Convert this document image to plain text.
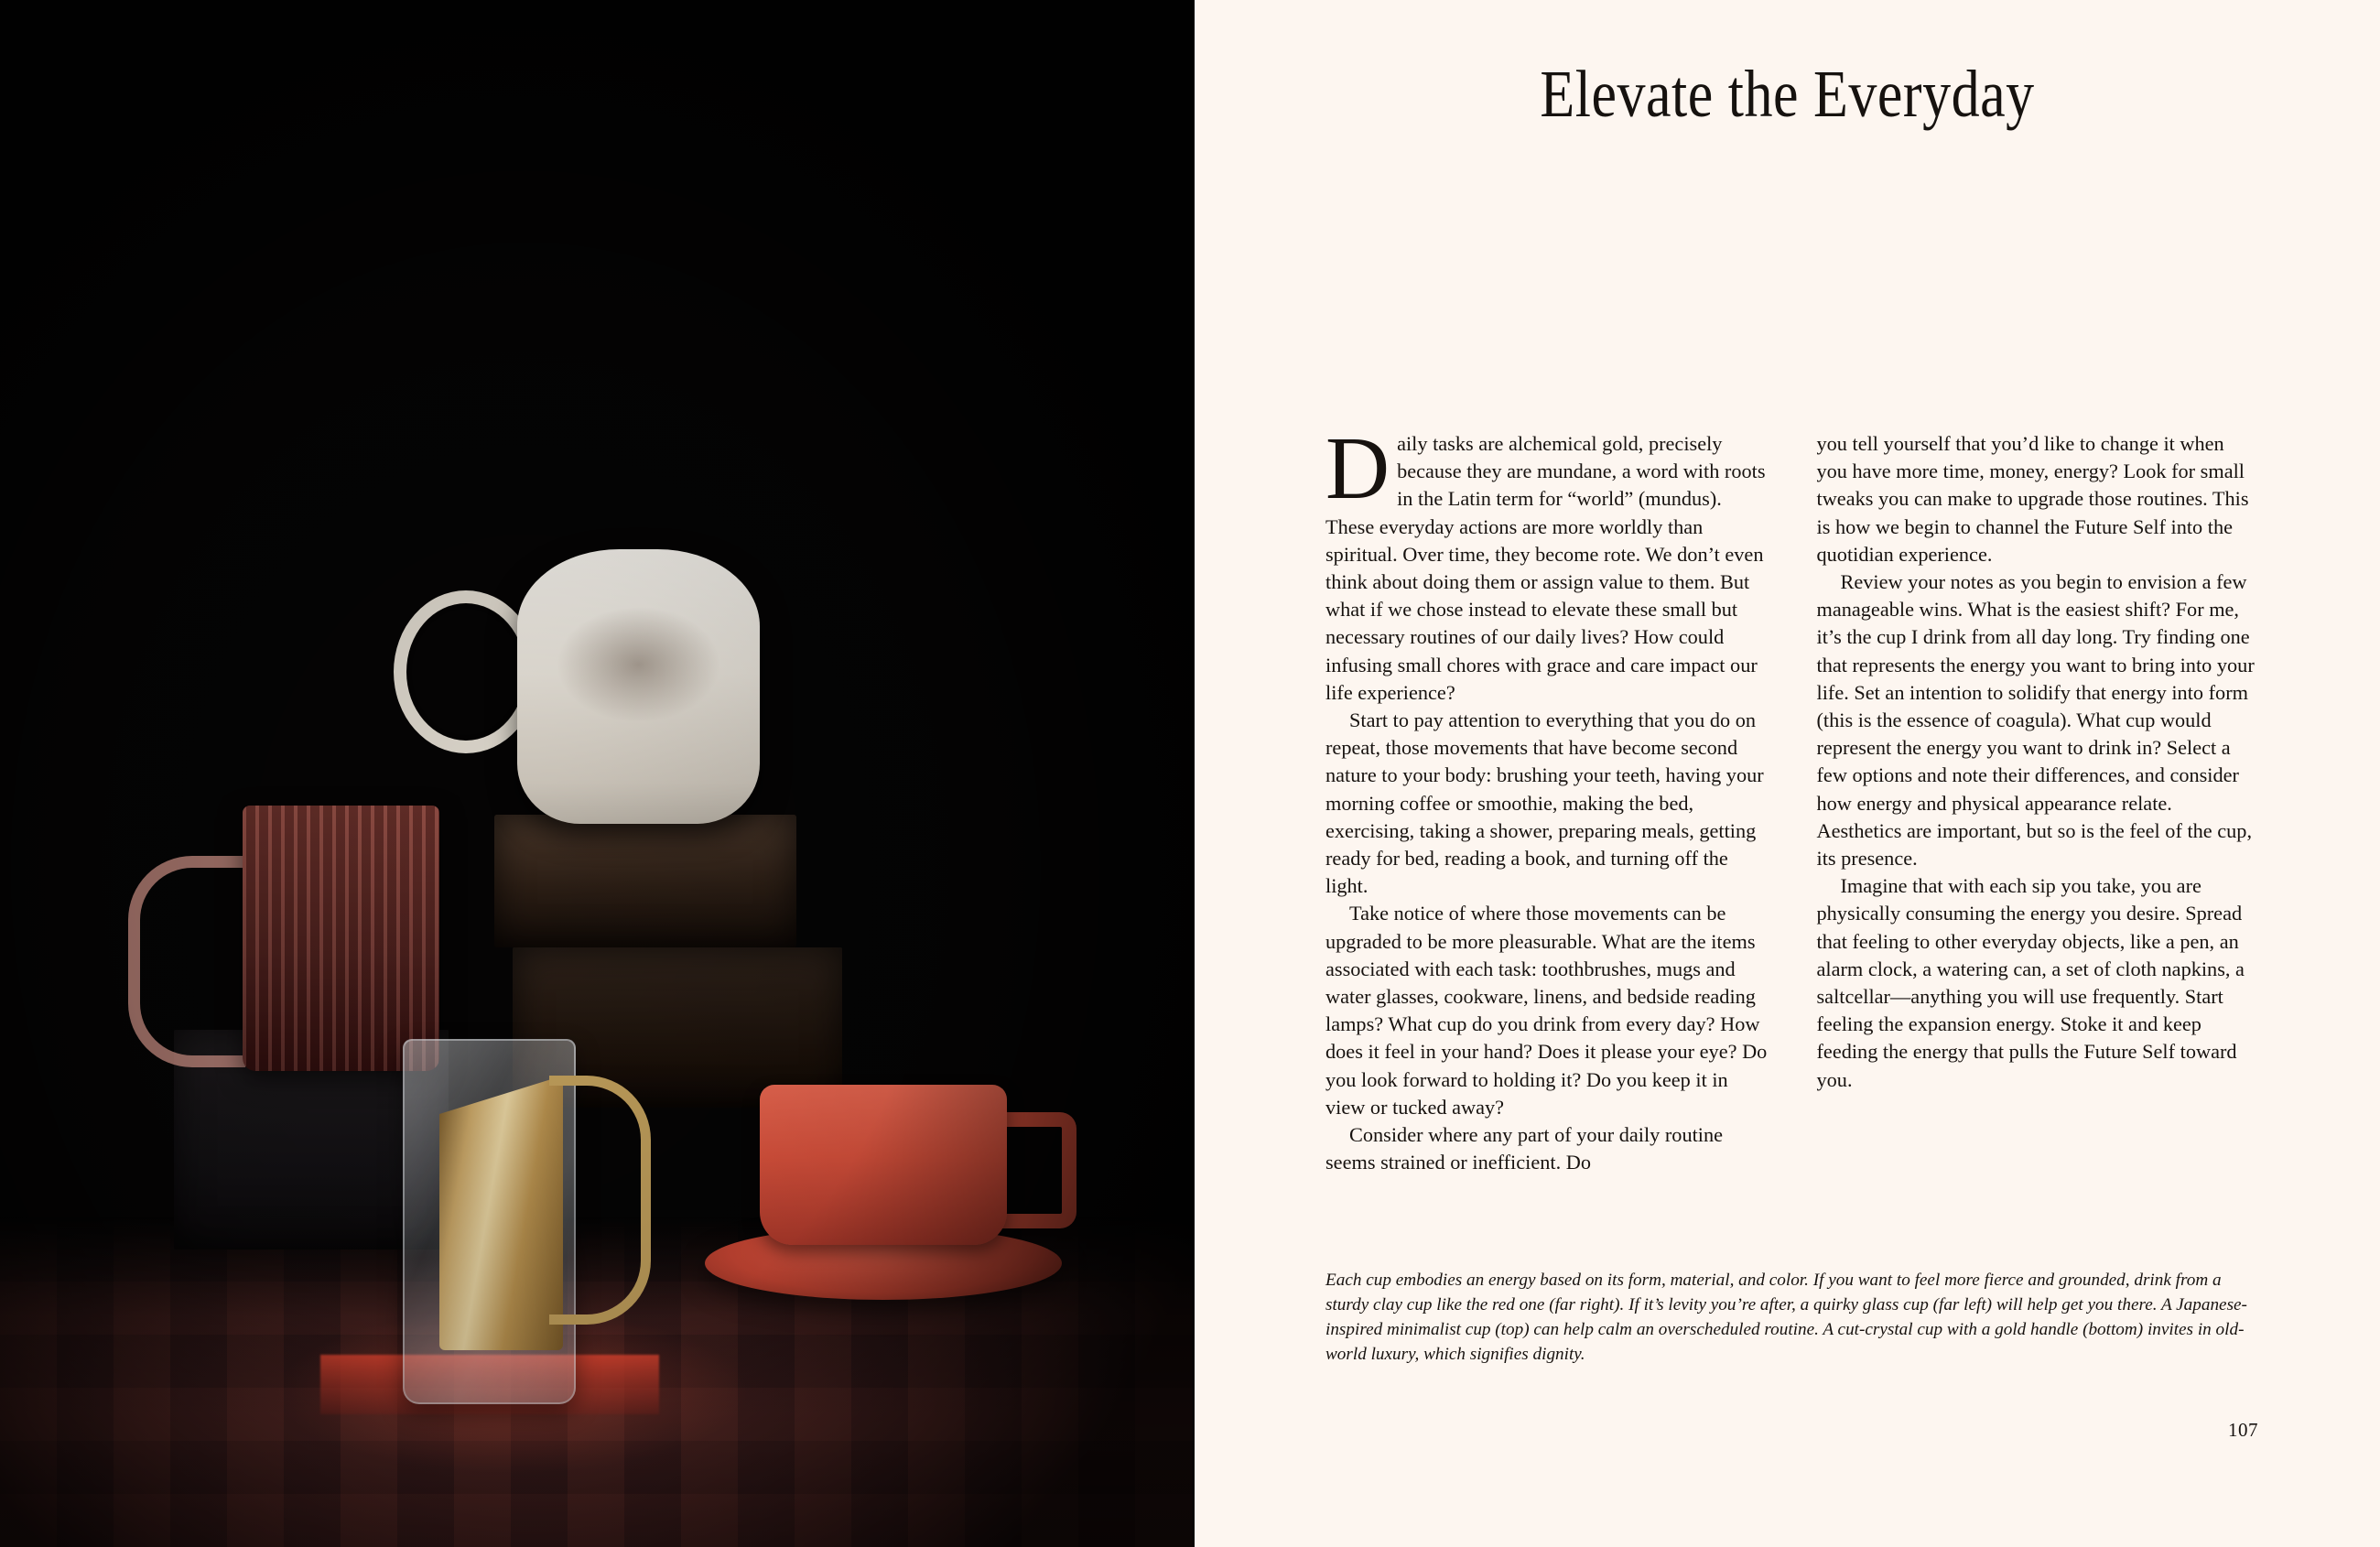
Elevate the Everyday

Daily tasks are alchemical gold, precisely because they are mundane, a word with roots in the Latin term for “world” (mundus). These everyday actions are more worldly than spiritual. Over time, they become rote. We don’t even think about doing them or assign value to them. But what if we chose instead to elevate these small but necessary routines of our daily lives? How could infusing small chores with grace and care impact our life experience?

Start to pay attention to everything that you do on repeat, those movements that have become second nature to your body: brushing your teeth, having your morning coffee or smoothie, making the bed, exercising, taking a shower, preparing meals, getting ready for bed, reading a book, and turning off the light.

Take notice of where those movements can be upgraded to be more pleasurable. What are the items associated with each task: toothbrushes, mugs and water glasses, cookware, linens, and bedside reading lamps? What cup do you drink from every day? How does it feel in your hand? Does it please your eye? Do you look forward to holding it? Do you keep it in view or tucked away?

Consider where any part of your daily routine seems strained or inefficient. Do

you tell yourself that you’d like to change it when you have more time, money, energy? Look for small tweaks you can make to upgrade those routines. This is how we begin to channel the Future Self into the quotidian experience.

Review your notes as you begin to envision a few manageable wins. What is the easiest shift? For me, it’s the cup I drink from all day long. Try finding one that represents the energy you want to bring into your life. Set an intention to solidify that energy into form (this is the essence of coagula). What cup would represent the energy you want to drink in? Select a few options and note their differences, and consider how energy and physical appearance relate. Aesthetics are important, but so is the feel of the cup, its presence.

Imagine that with each sip you take, you are physically consuming the energy you desire. Spread that feeling to other everyday objects, like a pen, an alarm clock, a watering can, a set of cloth napkins, a saltcellar—anything you will use frequently. Start feeling the expansion energy. Stoke it and keep feeding the energy that pulls the Future Self toward you.

Each cup embodies an energy based on its form, material, and color. If you want to feel more fierce and grounded, drink from a sturdy clay cup like the red one (far right). If it’s levity you’re after, a quirky glass cup (far left) will help get you there. A Japanese-inspired minimalist cup (top) can help calm an overscheduled routine. A cut-crystal cup with a gold handle (bottom) invites in old-world luxury, which signifies dignity.
107
